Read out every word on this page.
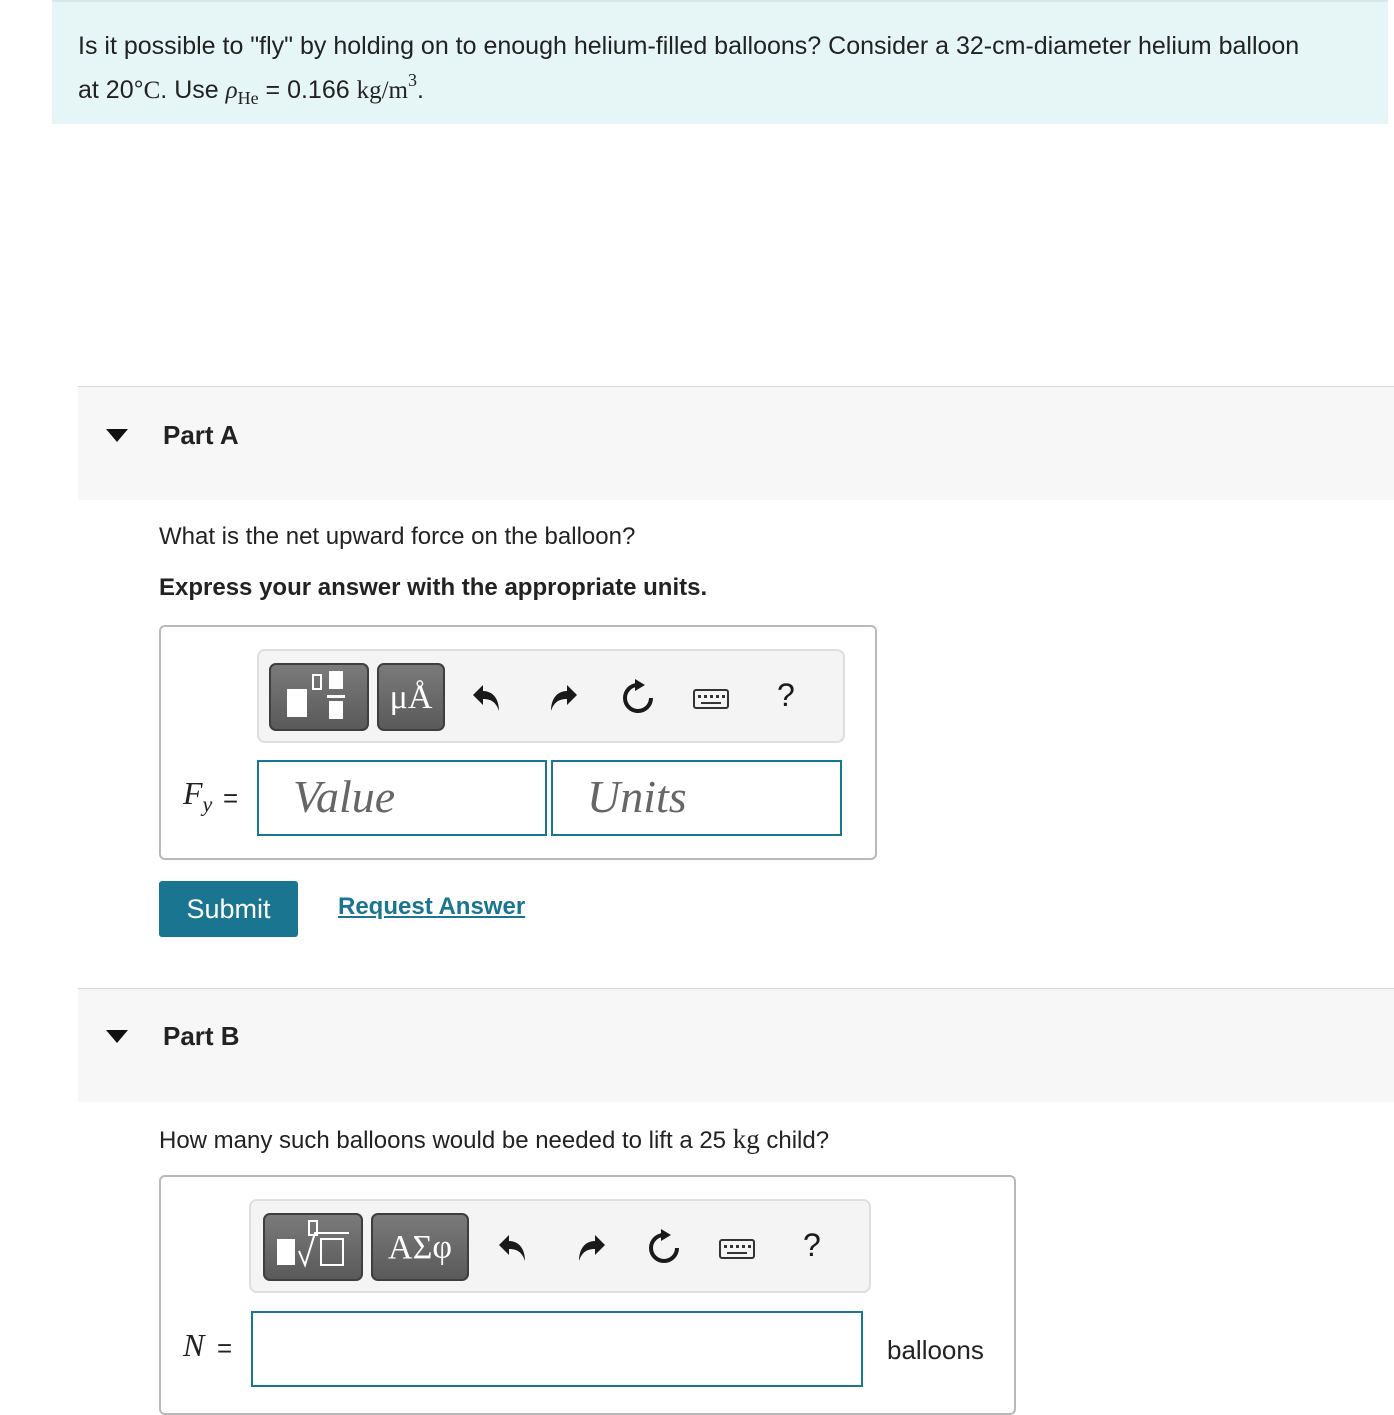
Is it possible to "fly" by holding on to enough helium-filled balloons? Consider a 32-cm-diameter helium balloon
at 20°C. Use $\rho_{He} = 0.166$ $kg/m^3$.
Part A
What is the net upward force on the balloon?
Express your answer with the appropriate units.
μÅ	?
$F_y$ = Value	Units
Submit	Request Answer
Part B
How many such balloons would be needed to lift a 25 kg child?
ΑΣφ	?
N =	balloons
